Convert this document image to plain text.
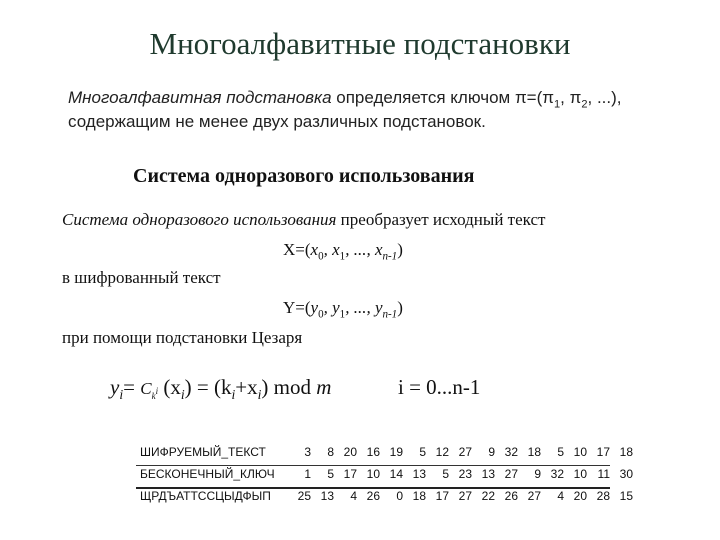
Многоалфавитные подстановки
Многоалфавитная подстановка определяется ключом $\pi=(\pi_1$, $\pi_2$, ...),
содержащим не менее двух различных подстановок.
Система одноразового использования
Система одноразового использования преобразует исходный текст
$X=(x_0$, $x_1$, ..., $x_{n-1}$)
в шифрованный текст
$Y=(y_0$, $y_1$, ..., $y_{n-1}$)
при помощи подстановки Цезаря
$y_i= C_ki$ $(x_i) = (k_i+x_i)$ mod m	i = 0...n-1
ШИФРУЕМЫЙ_ТЕКСТ	3	8 20 16 19	5 12 27	9 32 18	5 10 17 18
БЕСКОНЕЧНЫЙ_КЛЮЧ	1	5 17 10 14 13	5 23 13 27	9 32 10 11 30
ЩРДЪАТТССЦЫДФЫП	25 13	4 26	0 18 17 27 22 26 27	4 20 28 15
